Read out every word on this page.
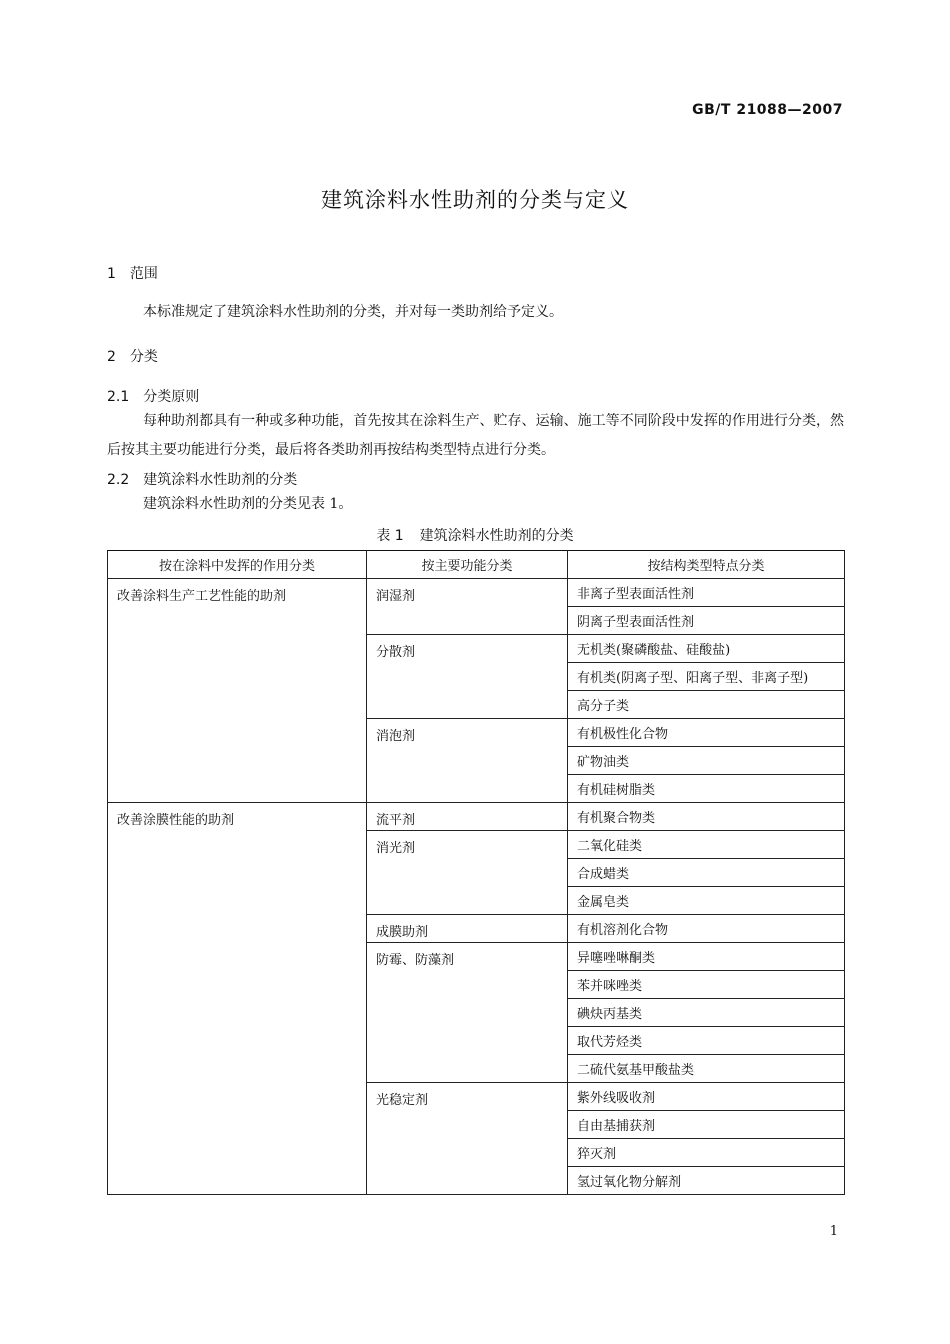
GB/T 21088—2007
建筑涂料水性助剂的分类与定义
1 范围
本标准规定了建筑涂料水性助剂的分类，并对每一类助剂给予定义。
2 分类
2.1 分类原则
每种助剂都具有一种或多种功能，首先按其在涂料生产、贮存、运输、施工等不同阶段中发挥的作用进行分类，然后按其主要功能进行分类，最后将各类助剂再按结构类型特点进行分类。
2.2 建筑涂料水性助剂的分类
建筑涂料水性助剂的分类见表 1。
表 1 建筑涂料水性助剂的分类
按在涂料中发挥的作用分类	按主要功能分类	按结构类型特点分类
改善涂料生产工艺性能的助剂	润湿剂	非离子型表面活性剂
		阴离子型表面活性剂
	分散剂	无机类(聚磷酸盐、硅酸盐)
		有机类(阴离子型、阳离子型、非离子型)
		高分子类
	消泡剂	有机极性化合物
		矿物油类
		有机硅树脂类
改善涂膜性能的助剂	流平剂	有机聚合物类
	消光剂	二氧化硅类
		合成蜡类
		金属皂类
	成膜助剂	有机溶剂化合物
	防霉、防藻剂	异噻唑啉酮类
		苯并咪唑类
		碘炔丙基类
		取代芳烃类
		二硫代氨基甲酸盐类
	光稳定剂	紫外线吸收剂
		自由基捕获剂
		猝灭剂
		氢过氧化物分解剂
1
